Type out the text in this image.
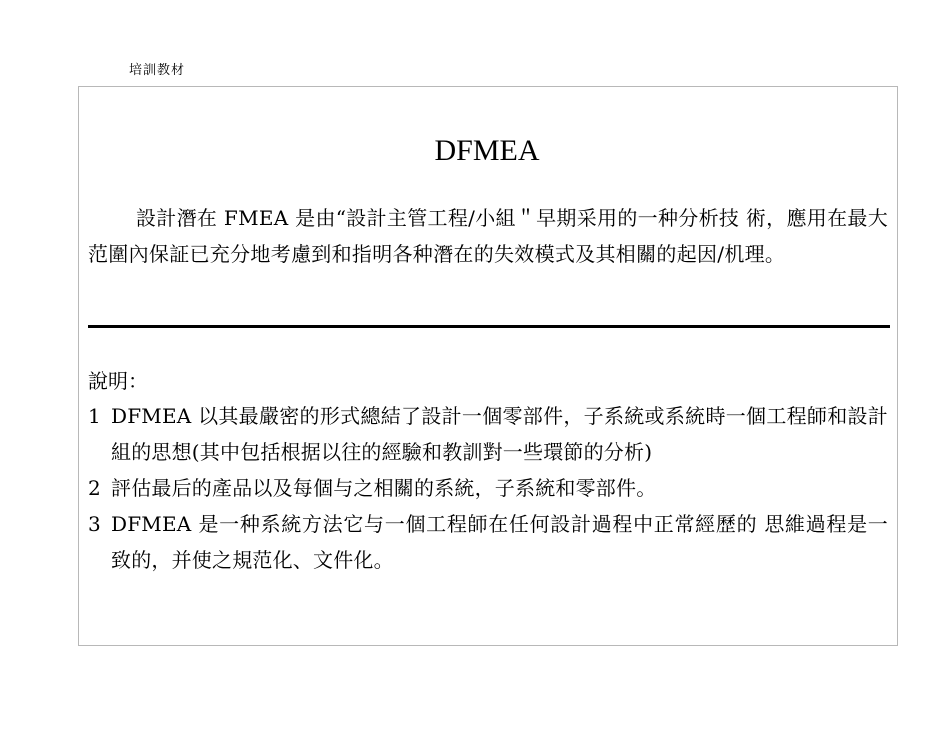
培訓教材
DFMEA

設計潛在 FMEA 是由“設計主管工程/小組＂早期采用的一种分析技 術，應用在最大范圍內保証已充分地考慮到和指明各种潛在的失效模式及其相關的起因/机理。

說明：
1 DFMEA 以其最嚴密的形式總結了設計一個零部件，子系統或系統時一個工程師和設計組的思想(其中包括根据以往的經驗和教訓對一些環節的分析)
2 評估最后的產品以及每個与之相關的系統，子系統和零部件。
3 DFMEA 是一种系統方法它与一個工程師在任何設計過程中正常經歷的 思維過程是一致的，并使之規范化、文件化。
